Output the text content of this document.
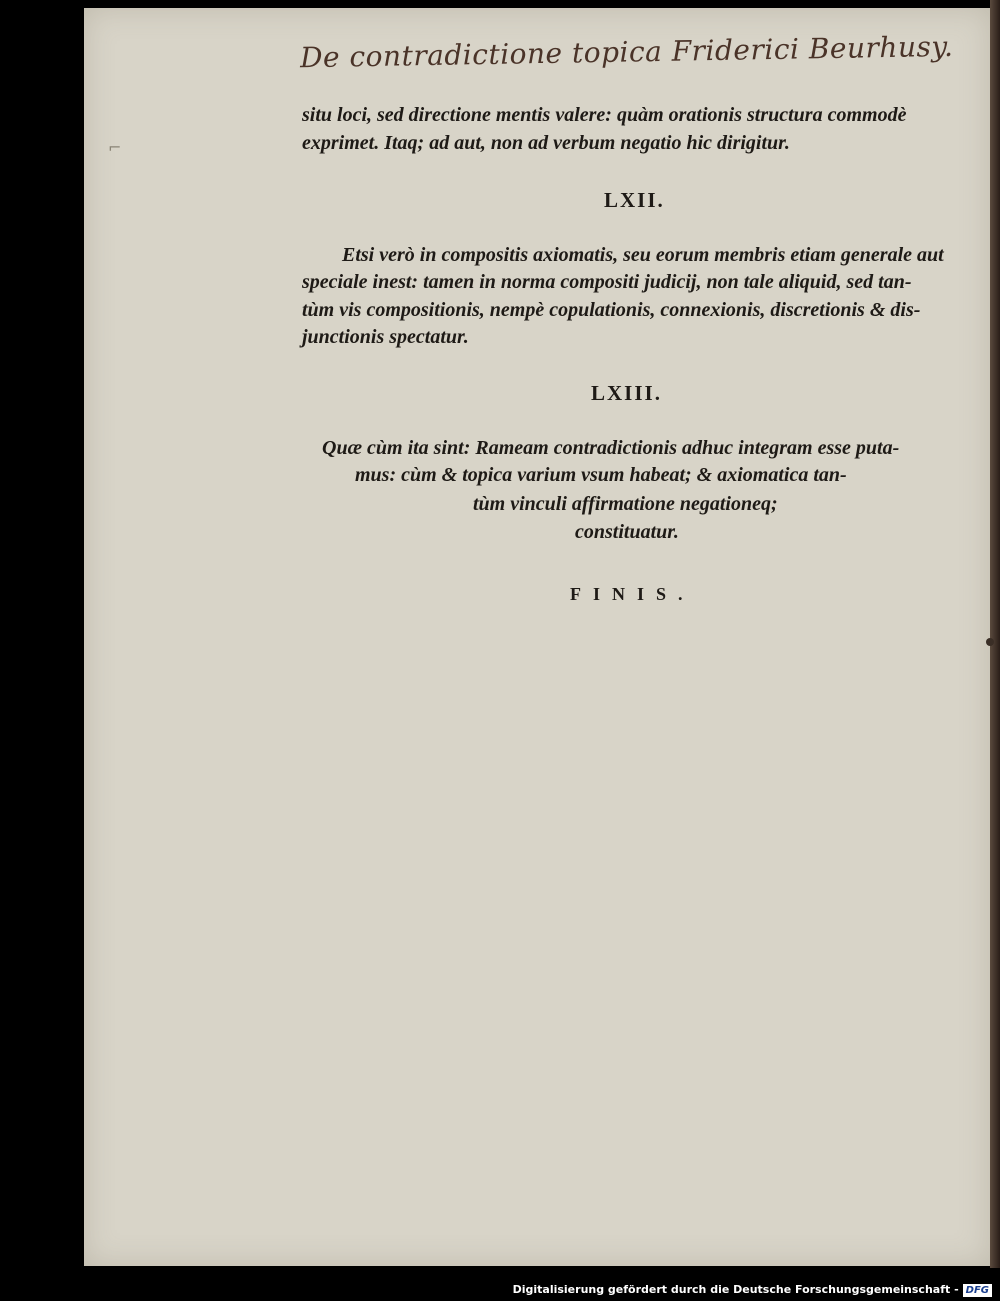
De contradictione topica Friderici Beurhusy.
⌐
situ loci, sed directione mentis valere: quàm orationis structura commodè
exprimet. Itaq; ad aut, non ad verbum negatio hic dirigitur.
LXII.
Etsi verò in compositis axiomatis, seu eorum membris etiam generale aut
speciale inest: tamen in norma compositi judicij, non tale aliquid, sed tan-
tùm vis compositionis, nempè copulationis, connexionis, discretionis & dis-
junctionis spectatur.
LXIII.
Quæ cùm ita sint: Rameam contradictionis adhuc integram esse puta-
mus: cùm & topica varium vsum habeat; & axiomatica tan-
tùm vinculi affirmatione negationeq;
constituatur.
FINIS.
Digitalisierung gefördert durch die Deutsche Forschungsgemeinschaft - DFG
